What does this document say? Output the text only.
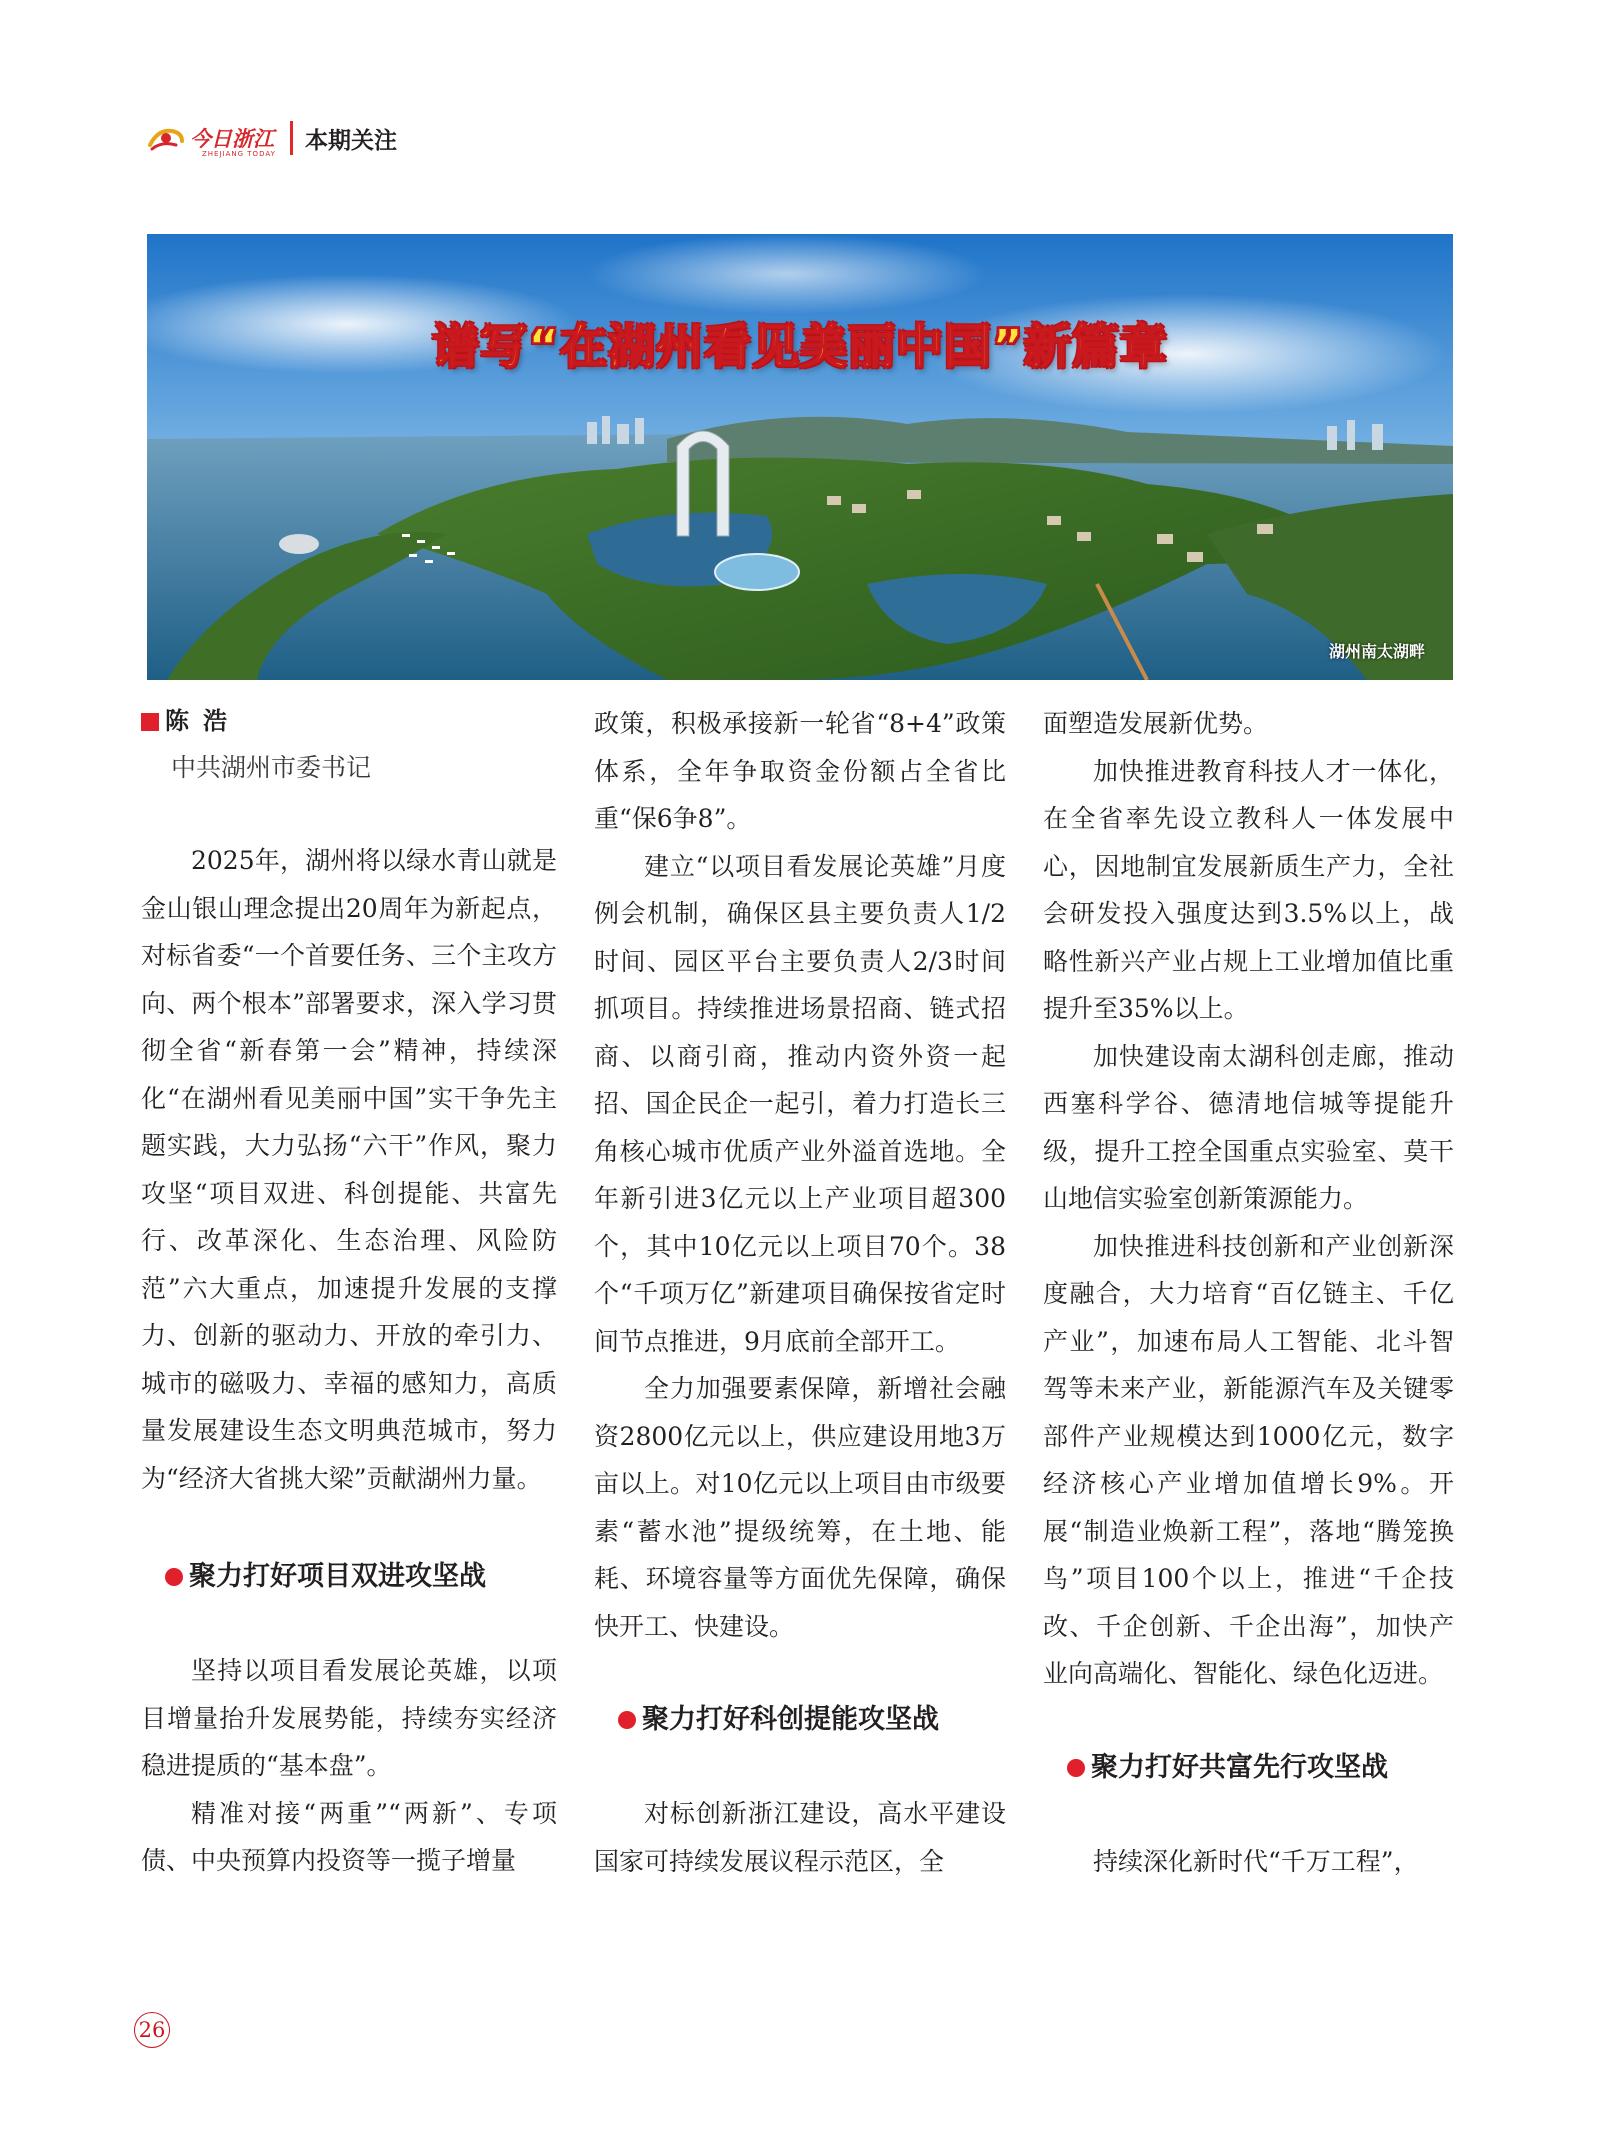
今日浙江
ZHEJIANG TODAY
本期关注
谱写“在湖州看见美丽中国”新篇章
湖州南太湖畔
陈浩
中共湖州市委书记

2025年，湖州将以绿水青山就是金山银山理念提出20周年为新起点，对标省委“一个首要任务、三个主攻方向、两个根本”部署要求，深入学习贯彻全省“新春第一会”精神，持续深化“在湖州看见美丽中国”实干争先主题实践，大力弘扬“六干”作风，聚力攻坚“项目双进、科创提能、共富先行、改革深化、生态治理、风险防范”六大重点，加速提升发展的支撑力、创新的驱动力、开放的牵引力、城市的磁吸力、幸福的感知力，高质量发展建设生态文明典范城市，努力为“经济大省挑大梁”贡献湖州力量。

聚力打好项目双进攻坚战

坚持以项目看发展论英雄，以项目增量抬升发展势能，持续夯实经济稳进提质的“基本盘”。

精准对接“两重”“两新”、专项债、中央预算内投资等一揽子增量

政策，积极承接新一轮省“8+4”政策体系，全年争取资金份额占全省比重“保6争8”。

建立“以项目看发展论英雄”月度例会机制，确保区县主要负责人1/2时间、园区平台主要负责人2/3时间抓项目。持续推进场景招商、链式招商、以商引商，推动内资外资一起招、国企民企一起引，着力打造长三角核心城市优质产业外溢首选地。全年新引进3亿元以上产业项目超300个，其中10亿元以上项目70个。38个“千项万亿”新建项目确保按省定时间节点推进，9月底前全部开工。

全力加强要素保障，新增社会融资2800亿元以上，供应建设用地3万亩以上。对10亿元以上项目由市级要素“蓄水池”提级统筹，在土地、能耗、环境容量等方面优先保障，确保快开工、快建设。

聚力打好科创提能攻坚战

对标创新浙江建设，高水平建设国家可持续发展议程示范区，全

面塑造发展新优势。

加快推进教育科技人才一体化，在全省率先设立教科人一体发展中心，因地制宜发展新质生产力，全社会研发投入强度达到3.5%以上，战略性新兴产业占规上工业增加值比重提升至35%以上。

加快建设南太湖科创走廊，推动西塞科学谷、德清地信城等提能升级，提升工控全国重点实验室、莫干山地信实验室创新策源能力。

加快推进科技创新和产业创新深度融合，大力培育“百亿链主、千亿产业”，加速布局人工智能、北斗智驾等未来产业，新能源汽车及关键零部件产业规模达到1000亿元，数字经济核心产业增加值增长9%。开展“制造业焕新工程”，落地“腾笼换鸟”项目100个以上，推进“千企技改、千企创新、千企出海”，加快产业向高端化、智能化、绿色化迈进。

聚力打好共富先行攻坚战

持续深化新时代“千万工程”，

26
